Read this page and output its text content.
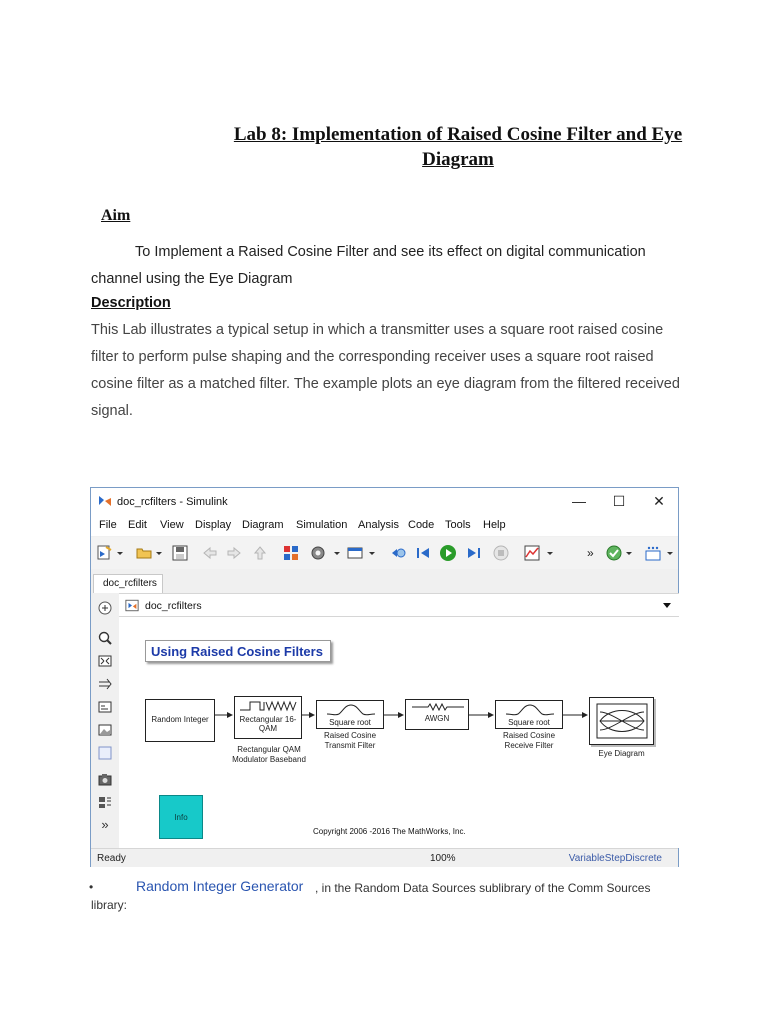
Lab 8: Implementation of Raised Cosine Filter and Eye Diagram
Aim
To Implement a Raised Cosine Filter and see its effect on digital communication channel using the Eye Diagram
Description
This Lab illustrates a typical setup in which a transmitter uses a square root raised cosine filter to perform pulse shaping and the corresponding receiver uses a square root raised cosine filter as a matched filter. The example plots an eye diagram from the filtered received signal.
doc_rcfilters - Simulink	— ☐ ✕
File Edit View Display Diagram Simulation Analysis Code Tools Help
»
doc_rcfilters
»
doc_rcfilters
Using Raised Cosine Filters
Random Integer	Rectangular 16-QAM
Rectangular QAM Modulator Baseband
Square root
Raised Cosine Transmit Filter
AWGN	Square root
Raised Cosine Receive Filter
Eye Diagram
Info
Copyright 2006 -2016 The MathWorks, Inc.
Ready	100%	VariableStepDiscrete
•	Random Integer Generator , in the Random Data Sources sublibrary of the Comm Sources
library:
